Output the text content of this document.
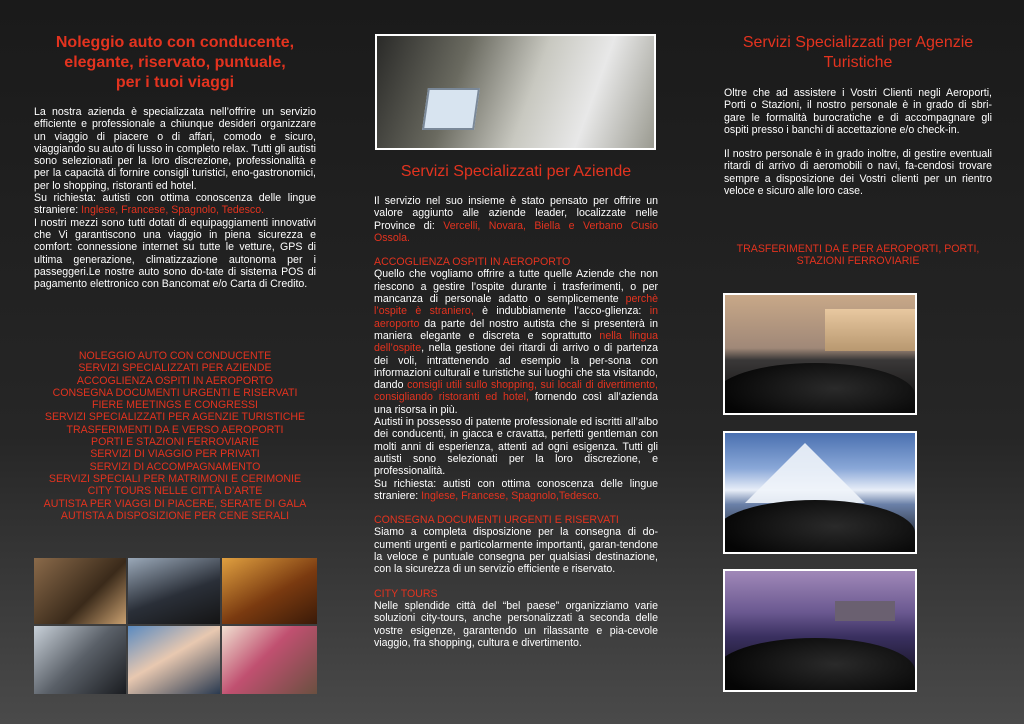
Noleggio auto con conducente,

elegante, riservato, puntuale,

per i tuoi viaggi

La nostra azienda è specializzata nell’offrire un servizio efficiente e professionale a chiunque desideri organizzare un viaggio di piacere o di affari, comodo e sicuro, viaggiando su auto di lusso in completo relax. Tutti gli autisti sono selezionati per la loro discrezione, professionalità e per la capacità di fornire consigli turistici, eno-gastronomici, per lo shopping, ristoranti ed hotel.

Su richiesta: autisti con ottima conoscenza delle lingue straniere: Inglese, Francese, Spagnolo, Tedesco.

I nostri mezzi sono tutti dotati di equipaggiamenti innovativi che Vi garantiscono una viaggio in piena sicurezza e comfort: connessione internet su tutte le vetture, GPS di ultima generazione, climatizzazione autonoma per i passeggeri.Le nostre auto sono do-tate di sistema POS di pagamento elettronico con Bancomat e/o Carta di Credito.

NOLEGGIO AUTO CON CONDUCENTE

SERVIZI SPECIALIZZATI PER AZIENDE

ACCOGLIENZA OSPITI IN AEROPORTO

CONSEGNA DOCUMENTI URGENTI E RISERVATI

FIERE MEETINGS E CONGRESSI

SERVIZI SPECIALIZZATI PER AGENZIE TURISTICHE

TRASFERIMENTI DA E VERSO AEROPORTI

PORTI E STAZIONI FERROVIARIE

SERVIZI DI VIAGGIO PER PRIVATI

SERVIZI DI ACCOMPAGNAMENTO

SERVIZI SPECIALI PER MATRIMONI E CERIMONIE

CITY TOURS NELLE CITTÀ D’ARTE

AUTISTA PER VIAGGI DI PIACERE, SERATE DI GALA

AUTISTA A DISPOSIZIONE PER CENE SERALI

Servizi Specializzati per Aziende

Il servizio nel suo insieme è stato pensato per offrire un valore aggiunto alle aziende leader, localizzate nelle Province di: Vercelli, Novara, Biella e Verbano Cusio Ossola.

ACCOGLIENZA OSPITI IN AEROPORTO

Quello che vogliamo offrire a tutte quelle Aziende che non riescono a gestire l’ospite durante i trasferimenti, o per mancanza di personale adatto o semplicemente perchè l’ospite è straniero, è indubbiamente l’acco-glienza: in aeroporto da parte del nostro autista che si presenterà in maniera elegante e discreta e soprattutto nella lingua dell’ospite, nella gestione dei ritardi di arrivo o di partenza dei voli, intrattenendo ad esempio la per-sona con informazioni culturali e turistiche sui luoghi che sta visitando, dando consigli utili sullo shopping, sui locali di divertimento, consigliando ristoranti ed hotel, fornendo così all’azienda una risorsa in più.

Autisti in possesso di patente professionale ed iscritti all’albo dei conducenti, in giacca e cravatta, perfetti gentleman con molti anni di esperienza, attenti ad ogni esigenza. Tutti gli autisti sono selezionati per la loro discrezione, e professionalità.

Su richiesta: autisti con ottima conoscenza delle lingue straniere: Inglese, Francese, Spagnolo,Tedesco.

CONSEGNA DOCUMENTI URGENTI E RISERVATI

Siamo a completa disposizione per la consegna di do-cumenti urgenti e particolarmente importanti, garan-tendone la veloce e puntuale consegna per qualsiasi destinazione, con la sicurezza di un servizio efficiente e riservato.

CITY TOURS

Nelle splendide città del “bel paese” organizziamo varie soluzioni city-tours, anche personalizzati a seconda delle vostre esigenze, garantendo un rilassante e pia-cevole viaggio, fra shopping, cultura e divertimento.

Servizi Specializzati per Agenzie

Turistiche

Oltre che ad assistere i Vostri Clienti negli Aeroporti, Porti o Stazioni, il nostro personale è in grado di sbri-gare le formalità burocratiche e di accompagnare gli ospiti presso i banchi di accettazione e/o check-in.

Il nostro personale è in grado inoltre, di gestire eventuali ritardi di arrivo di aeromobili o navi, fa-cendosi trovare sempre a disposizione dei Vostri clienti per un rientro veloce e sicuro alle loro case.

TRASFERIMENTI DA E PER AEROPORTI, PORTI,

STAZIONI FERROVIARIE
